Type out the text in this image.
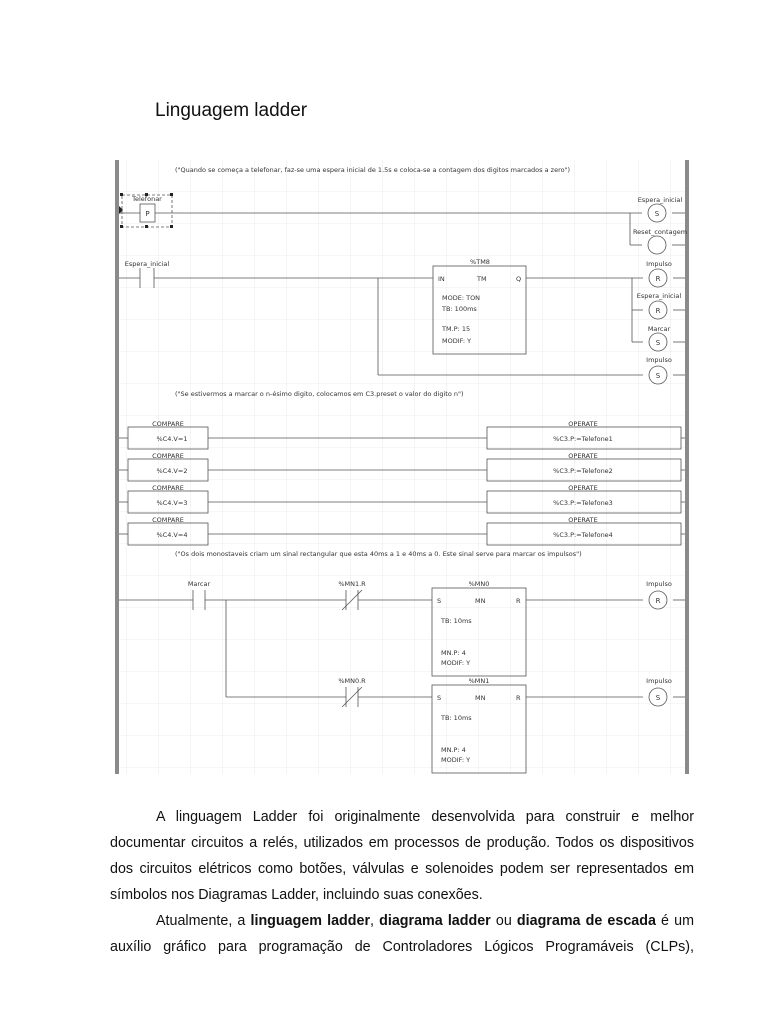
Linguagem ladder
("Quando se começa a telefonar, faz-se uma espera inicial de 1.5s e coloca-se a contagem dos digitos marcados a zero")
("Se estivermos a marcar o n-ésimo digito, colocamos em C3.preset o valor do digito n")
("Os dois monostaveis criam um sinal rectangular que esta 40ms a 1 e 40ms a 0. Este sinal serve para marcar os impulsos")
Telefonar
P
Espera_inicial
S
Reset_contagem
Espera_inicial	%TM8
IN	TM	Q
MODE: TON
TB: 100ms
TM.P: 15
MODIF: Y
Impulso
R
Espera_inicial
R
Marcar
S
Impulso
S
COMPARE
%C4.V=1
OPERATE
%C3.P:=Telefone1
COMPARE
%C4.V=2
OPERATE
%C3.P:=Telefone2
COMPARE
%C4.V=3
OPERATE
%C3.P:=Telefone3
COMPARE
%C4.V=4
OPERATE
%C3.P:=Telefone4
Marcar	%MN1.R	%MN0
S	MN	R
TB: 10ms
MN.P: 4
MODIF: Y
Impulso
R
%MN0.R	%MN1
S	MN	R
TB: 10ms
MN.P: 4
MODIF: Y
Impulso
S

A linguagem Ladder foi originalmente desenvolvida para construir e melhor documentar circuitos a relés, utilizados em processos de produção. Todos os dispositivos dos circuitos elétricos como botões, válvulas e solenoides podem ser representados em símbolos nos Diagramas Ladder, incluindo suas conexões.

Atualmente, a linguagem ladder, diagrama ladder ou diagrama de escada é um auxílio gráfico para programação de Controladores Lógicos Programáveis (CLPs),
